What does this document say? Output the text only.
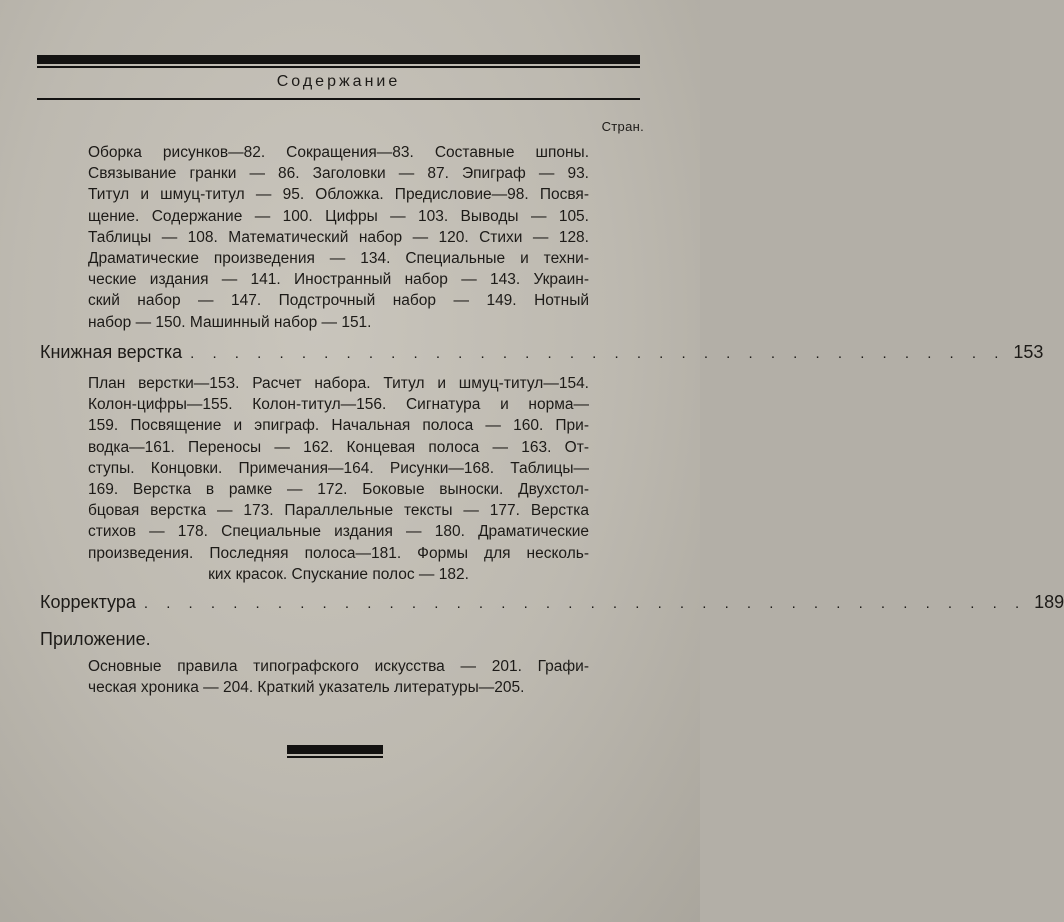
Содержание
Стран.
Оборка рисунков—82. Сокращения—83. Составные шпоны.
Связывание гранки — 86. Заголовки — 87. Эпиграф — 93.
Титул и шмуц-титул — 95. Обложка. Предисловие—98. Посвя-
щение. Содержание — 100. Цифры — 103. Выводы — 105.
Таблицы — 108. Математический набор — 120. Стихи — 128.
Драматические произведения — 134. Специальные и техни-
ческие издания — 141. Иностранный набор — 143. Украин-
ский набор — 147. Подстрочный набор — 149. Нотный
набор — 150. Машинный набор — 151.
Книжная верстка . . . . . . . . . . . . . . . . . . . . . . . . . . . . . . . . . . . . . 153
План верстки—153. Расчет набора. Титул и шмуц-титул—154.
Колон-цифры—155. Колон-титул—156. Сигнатура и норма—
159. Посвящение и эпиграф. Начальная полоса — 160. При-
водка—161. Переносы — 162. Концевая полоса — 163. От-
ступы. Концовки. Примечания—164. Рисунки—168. Таблицы—
169. Верстка в рамке — 172. Боковые выноски. Двухстол-
бцовая верстка — 173. Параллельные тексты — 177. Верстка
стихов — 178. Специальные издания — 180. Драматические
произведения. Последняя полоса—181. Формы для несколь-
ких красок. Спускание полос — 182.
Корректура . . . . . . . . . . . . . . . . . . . . . . . . . . . . . . . . . . . . . . . . 189
Приложение.
Основные правила типографского искусства — 201. Графи-
ческая хроника — 204. Краткий указатель литературы—205.
